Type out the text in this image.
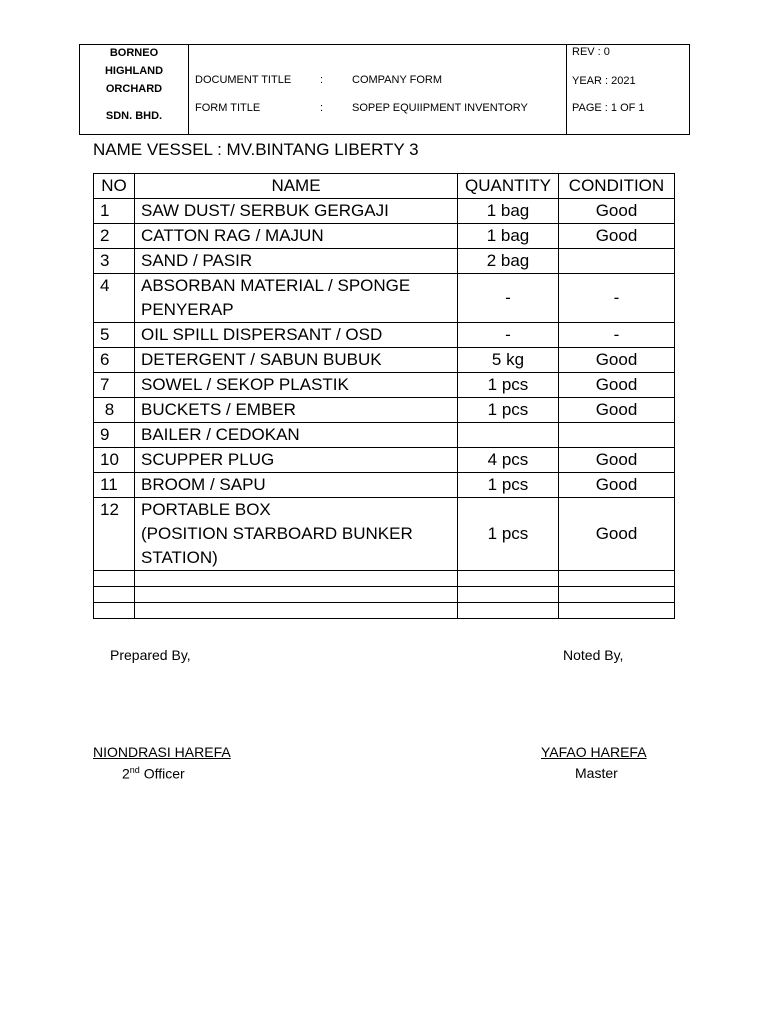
BORNEO
HIGHLAND
ORCHARD
SDN. BHD.
DOCUMENT TITLE	:	COMPANY FORM
FORM TITLE	:	SOPEP EQUIIPMENT INVENTORY
REV : 0
YEAR : 2021
PAGE : 1 OF 1
NAME VESSEL : MV.BINTANG LIBERTY 3
NO	NAME	QUANTITY	CONDITION
1	SAW DUST/ SERBUK GERGAJI	1 bag	Good
2	CATTON RAG / MAJUN	1 bag	Good
3	SAND / PASIR	2 bag	
4	ABSORBAN MATERIAL / SPONGE PENYERAP	-	-
5	OIL SPILL DISPERSANT / OSD	-	-
6	DETERGENT / SABUN BUBUK	5 kg	Good
7	SOWEL / SEKOP PLASTIK	1 pcs	Good
8	BUCKETS / EMBER	1 pcs	Good
9	BAILER / CEDOKAN		
10	SCUPPER PLUG	4 pcs	Good
11	BROOM / SAPU	1 pcs	Good
12	PORTABLE BOX
(POSITION STARBOARD BUNKER
STATION)	1 pcs	Good

Prepared By,	Noted By,
NIONDRASI HAREFA
2nd Officer
YAFAO HAREFA
Master
